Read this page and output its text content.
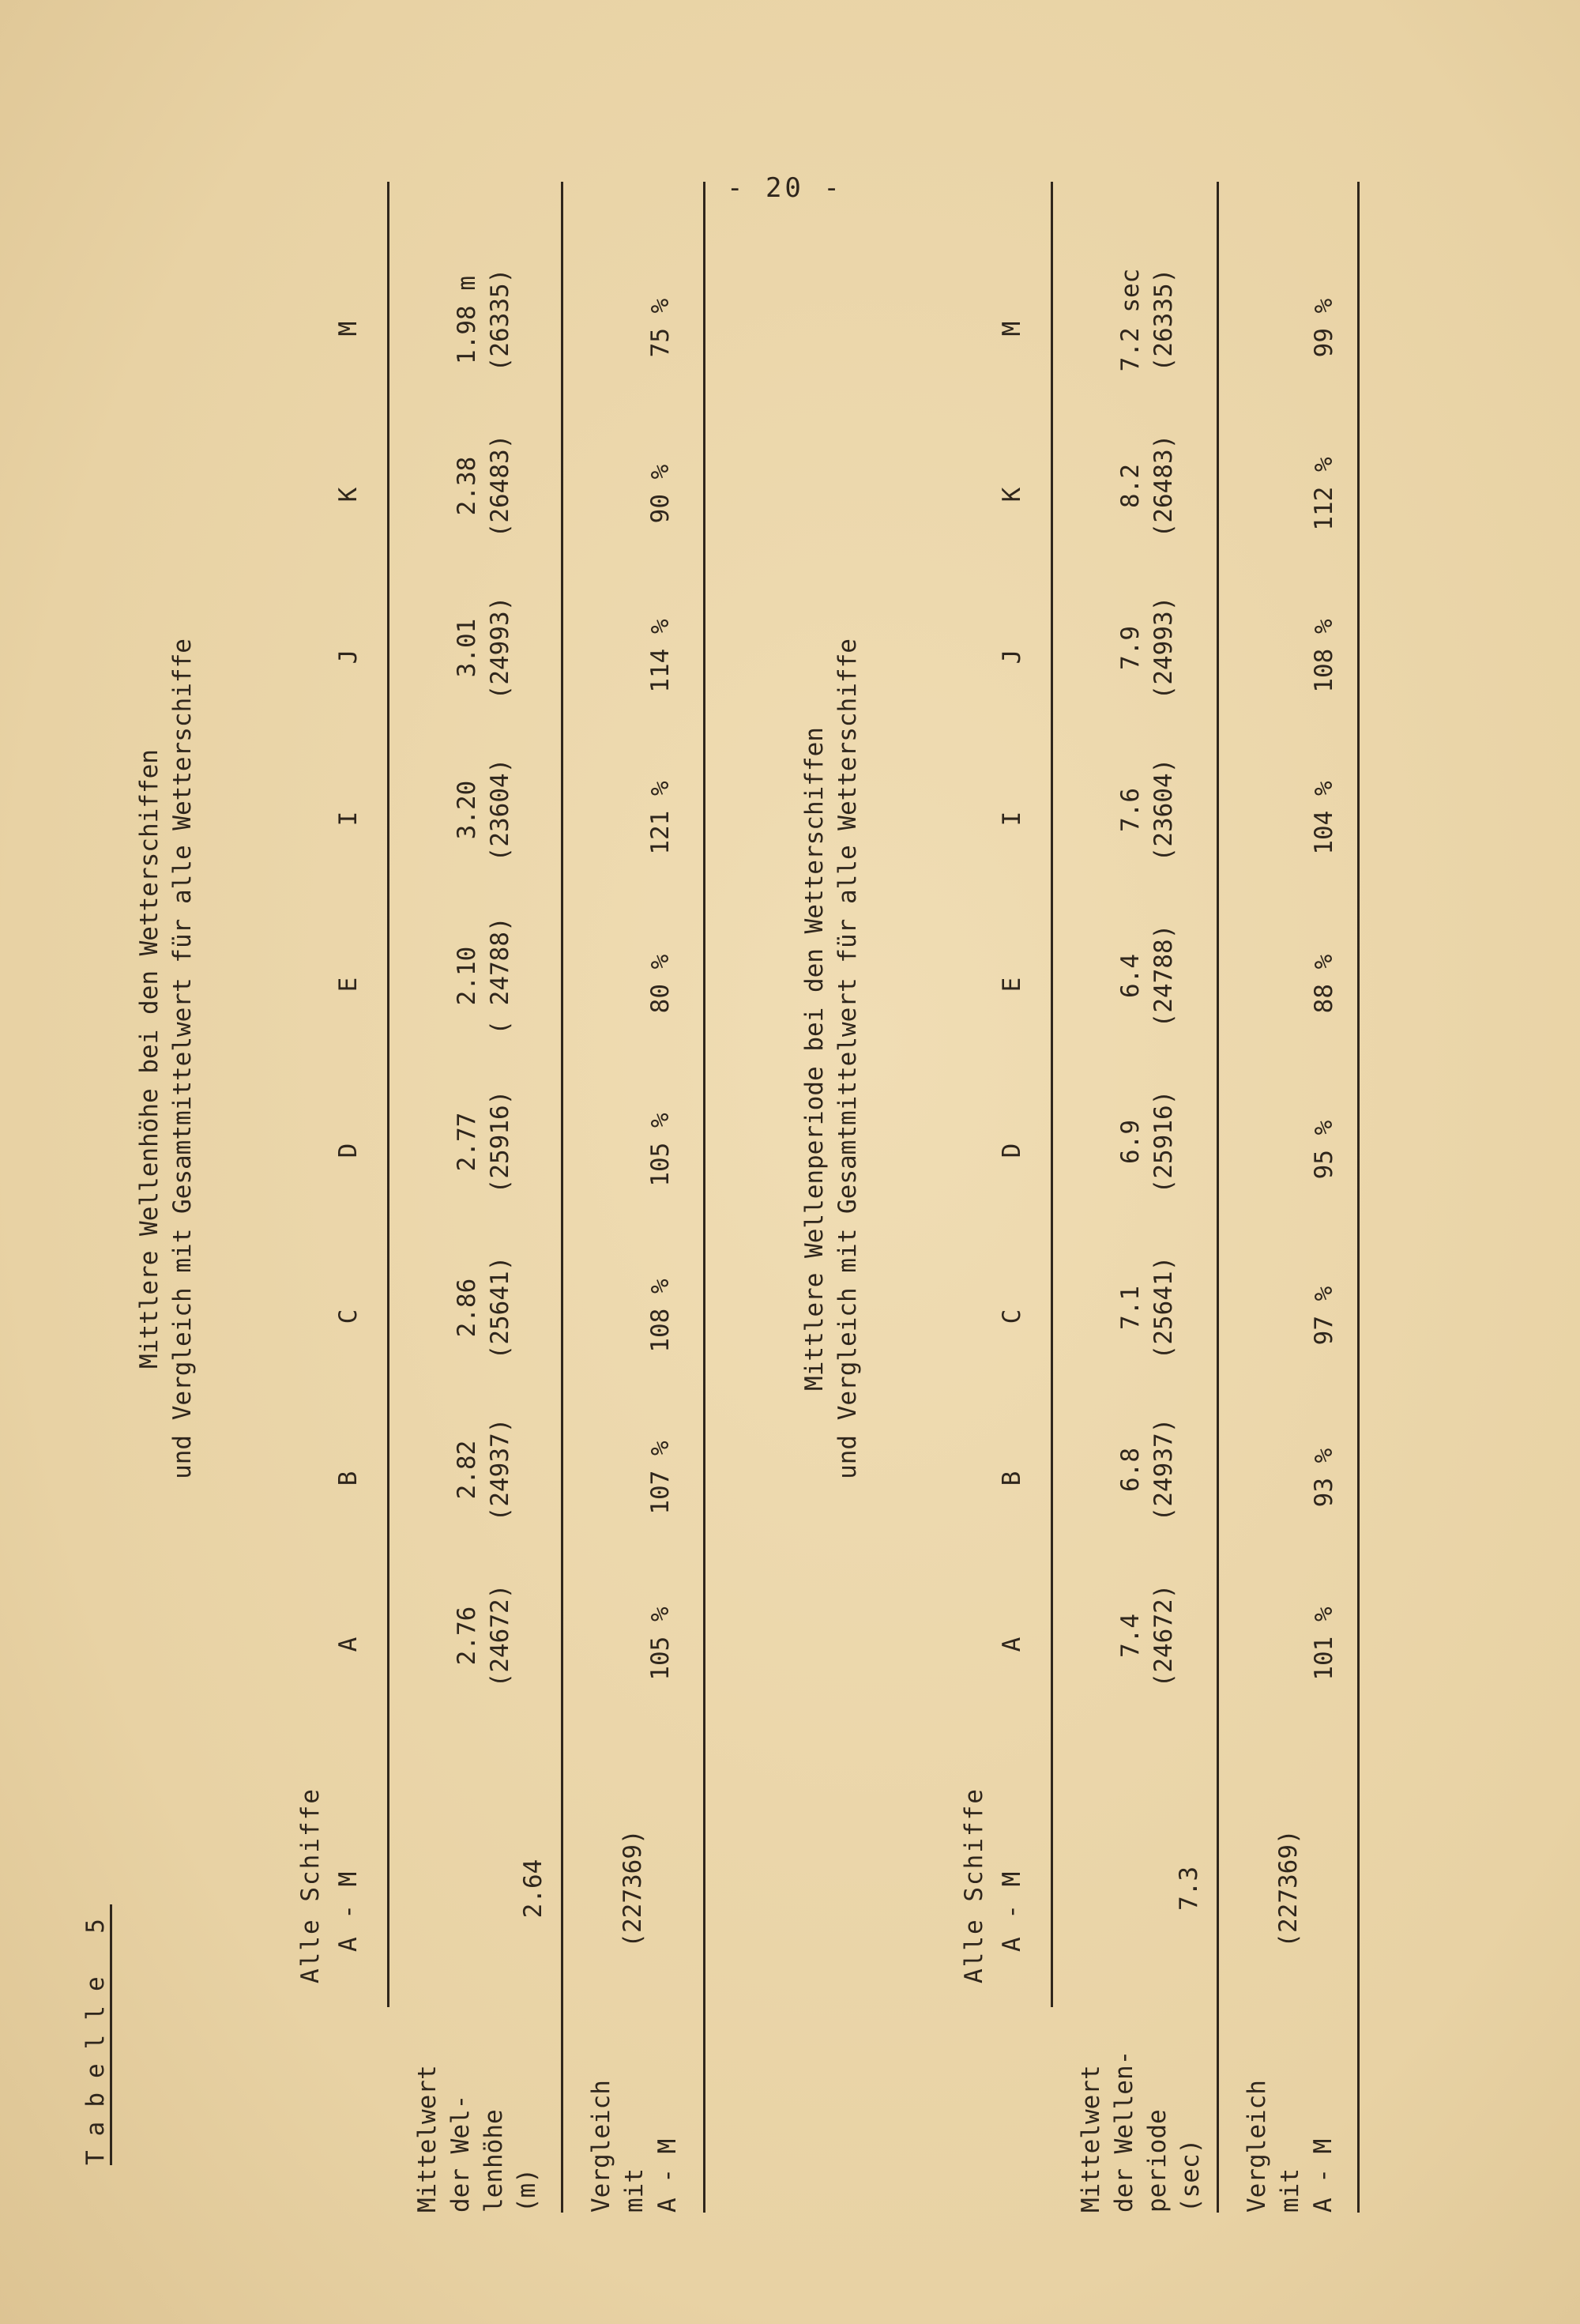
- 20 -
Tabelle 5
Mittlere Wellenhöhe bei den Wetterschiffen und Vergleich mit Gesamtmittelwert für alle Wetterschiffe
Alle Schiffe A - M
A
B
C
D
E
I
J
K
M
Mittelwert der Wel- lenhöhe (m)

2.64

	(227369)

2.76 (24672)
2.82 (24937)
2.86 (25641)
2.77 (25916)
2.10 ( 24788)
3.20 (23604)
3.01 (24993)
2.38 (26483)
1.98 m (26335)
Vergleich mit A - M
105 %
107 %
108 %
105 %
80 %
121 %
114 %
90 %
75 %
Mittlere Wellenperiode bei den Wetterschiffen und Vergleich mit Gesamtmittelwert für alle Wetterschiffe
Alle Schiffe A - M
A
B
C
D
E
I
J
K
M
Mittelwert der Wellen- periode (sec)

7.3

	(227369)

7.4 (24672)
6.8 (24937)
7.1 (25641)
6.9 (25916)
6.4 (24788)
7.6 (23604)
7.9 (24993)
8.2 (26483)
7.2 sec (26335)
Vergleich mit A - M
101 %
93 %
97 %
95 %
88 %
104 %
108 %
112 %
99 %
